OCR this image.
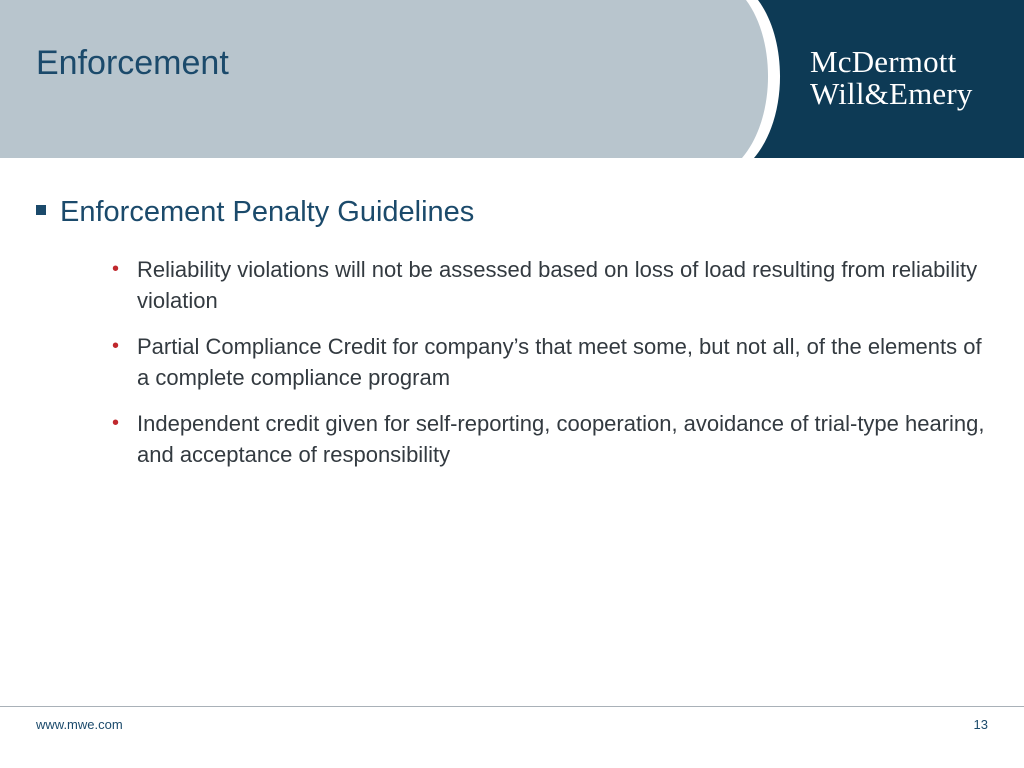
Enforcement	McDermott
Will&Emery
Enforcement Penalty Guidelines
• Reliability violations will not be assessed based on loss of load resulting from reliability violation
• Partial Compliance Credit for company’s that meet some, but not all, of the elements of a complete compliance program
• Independent credit given for self-reporting, cooperation, avoidance of trial-type hearing, and acceptance of responsibility
www.mwe.com	13
